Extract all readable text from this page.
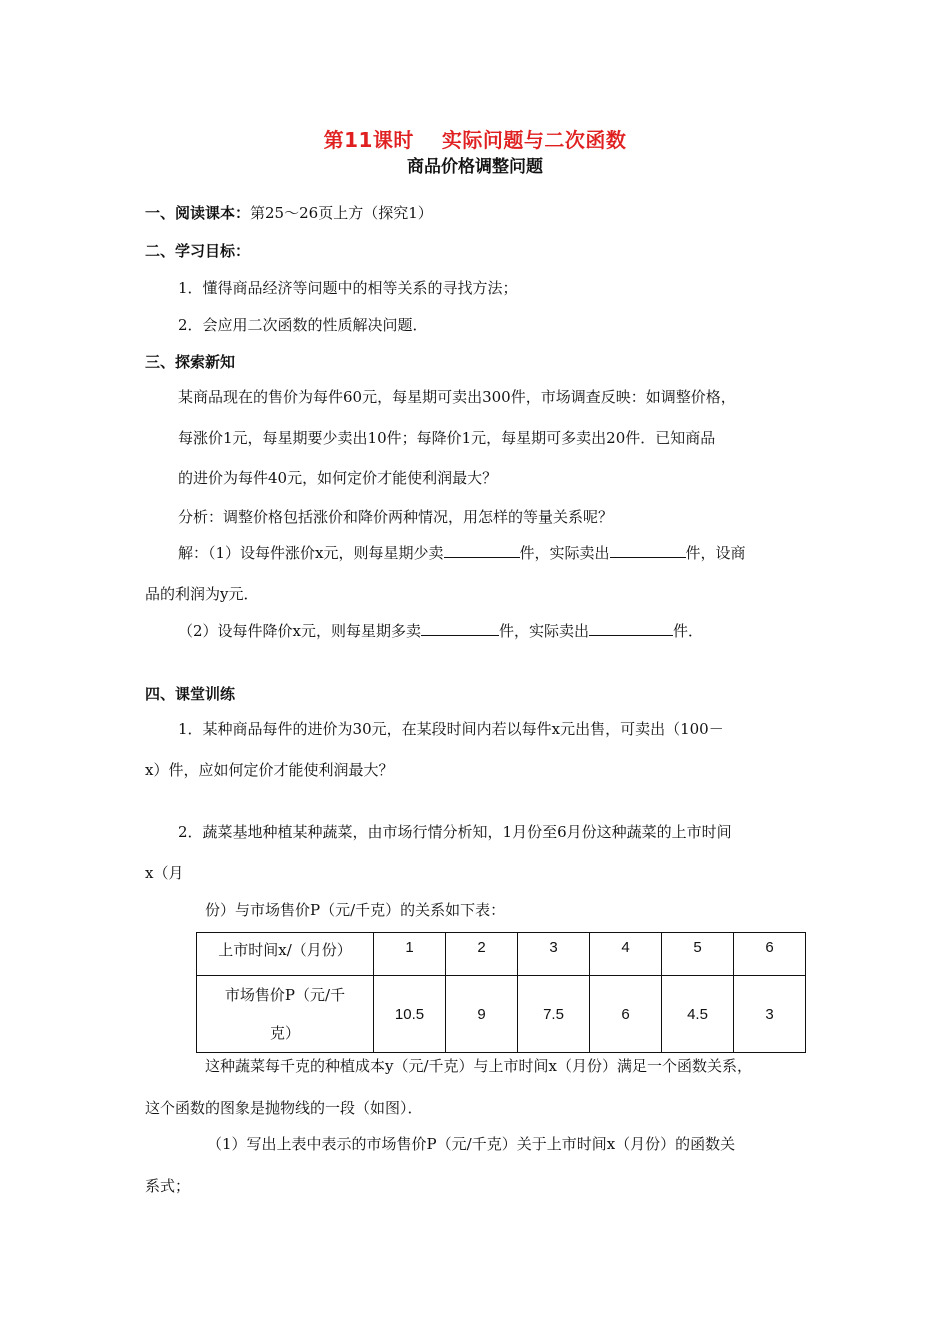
第11课时 实际问题与二次函数
商品价格调整问题
一、阅读课本：第25～26页上方（探究1）
二、学习目标：
1．懂得商品经济等问题中的相等关系的寻找方法；
2．会应用二次函数的性质解决问题．
三、探索新知
某商品现在的售价为每件60元，每星期可卖出300件，市场调查反映：如调整价格，
每涨价1元，每星期要少卖出10件；每降价1元，每星期可多卖出20件．已知商品
的进价为每件40元，如何定价才能使利润最大？
分析：调整价格包括涨价和降价两种情况，用怎样的等量关系呢？
解：（1）设每件涨价x元，则每星期少卖	件，实际卖出	件，设商
品的利润为y元．
（2）设每件降价x元，则每星期多卖	件，实际卖出	件．
四、课堂训练
1．某种商品每件的进价为30元，在某段时间内若以每件x元出售，可卖出（100－
x）件，应如何定价才能使利润最大？
2．蔬菜基地种植某种蔬菜，由市场行情分析知，1月份至6月份这种蔬菜的上市时间
x（月
份）与市场售价P（元/千克）的关系如下表：
上市时间x/（月份）	1	2	3	4	5	6

市场售价P（元/千
克）	10.5	9	7.5	6	4.5	3
这种蔬菜每千克的种植成本y（元/千克）与上市时间x（月份）满足一个函数关系，
这个函数的图象是抛物线的一段（如图）．
（1）写出上表中表示的市场售价P（元/千克）关于上市时间x（月份）的函数关
系式；
